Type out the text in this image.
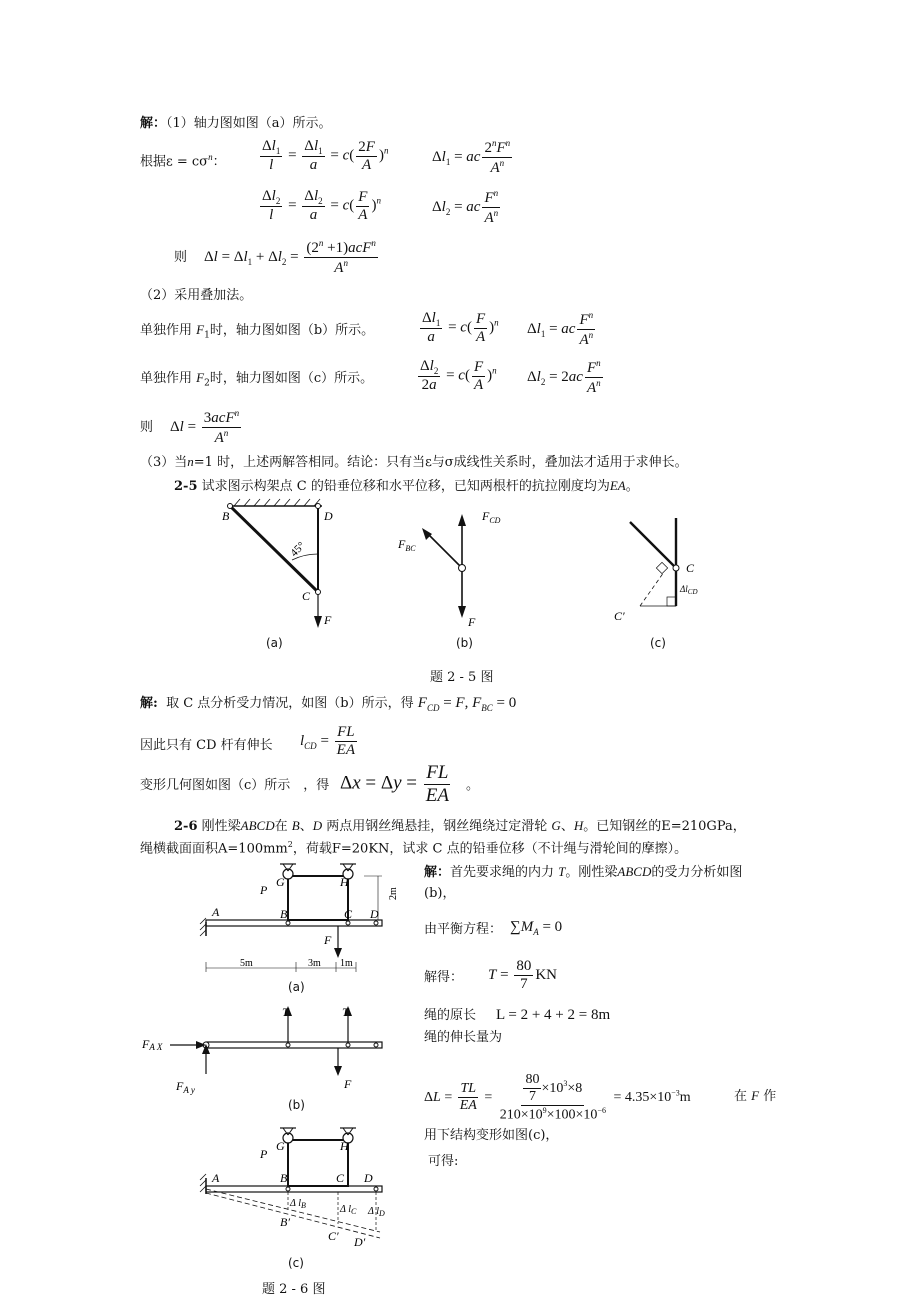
解：（1）轴力图如图（a）所示。
根据$\varepsilon = c\sigma^n$： $\frac{\Delta l_1}{l} = \frac{\Delta l_1}{a} = c( \frac{2F}{A} )^n$	$\Delta l_1$ = ac $\frac{2^nF^n}{A^n}$
$\frac{\Delta l_2}{l} = \frac{\Delta l_2}{a} = c( \frac{F}{A} )^n$	$\Delta l_2$ = ac $\frac{F^n}{A^n}$
则 $\Delta l = \Delta l_1 + \Delta l_2 = \frac{(2^n +1)acF^n}{A^n}$
（2）采用叠加法。
单独作用 $F_1$时，轴力图如图（b）所示。	$\frac{\Delta l_1}{a} = c( \frac{F}{A} )^n$ $\Delta l_1$ = ac $\frac{F^n}{A^n}$
单独作用 $F_2$时，轴力图如图（c）所示。	$\frac{\Delta l_2}{2a} = c( \frac{F}{A} )^n$ $\Delta l_2 = 2ac \frac{F^n}{A^n}$
则 $\Delta l = \frac{3acF^n}{A^n}$
（3）当n=1 时，上述两解答相同。结论：只有当ε与σ成线性关系时，叠加法才适用于求伸长。
2-5 试求图示构架点 C 的铅垂位移和水平位移，已知两根杆的抗拉刚度均为EA。
B	D
C
F
45°
$F_{CD}$
$F_{BC}$
F
C
C′
$\Delta l_{CD}$
(a)	(b)	(c)
题 2 - 5 图
解: 取 C 点分析受力情况，如图（b）所示，得 $F_{CD} = F$, $F_{BC} = 0$
因此只有 CD 杆有伸长 $l_{CD} = \frac{FL}{EA}$
变形几何图如图（c）所示　，得 $\Delta x = \Delta y = \frac{FL}{EA}$ 。
2-6 刚性梁ABCD在 B、D 两点用钢丝绳悬挂，钢丝绳绕过定滑轮 G、H。已知钢丝的E=210GPa，
绳横截面面积$A=100mm^2$，荷载F=20KN，试求 C 点的铅垂位移（不计绳与滑轮间的摩擦）。
解：首先要求绳的内力 T。刚性梁ABCD的受力分析如图
(b)，
由平衡方程： $\sum M_A = 0$
解得： $T = \frac{80}{7}$ KN
绳的原长 L = 2 + 4 + 2 = 8m
绳的伸长量为
$\Delta L = \frac{TL}{EA} = \frac{\frac{80}{7} \times 10^3\times 8}{210\times 10^9\times 100\times 10^{-6}} = 4.35\times 10^{-3}m$	在 F 作
用下结构变形如图(c)，
可得:
A	B	C D
G	H
P
F
5m	3m 1m
2m
FA X
$F_{A y}$
T	T
F
A	B	C D
G	H
P
B′
C′ D′
Δ $l_B$	Δ $l_C$ Δ $l_D$
(a)
(b)
(c)
题 2 - 6 图
